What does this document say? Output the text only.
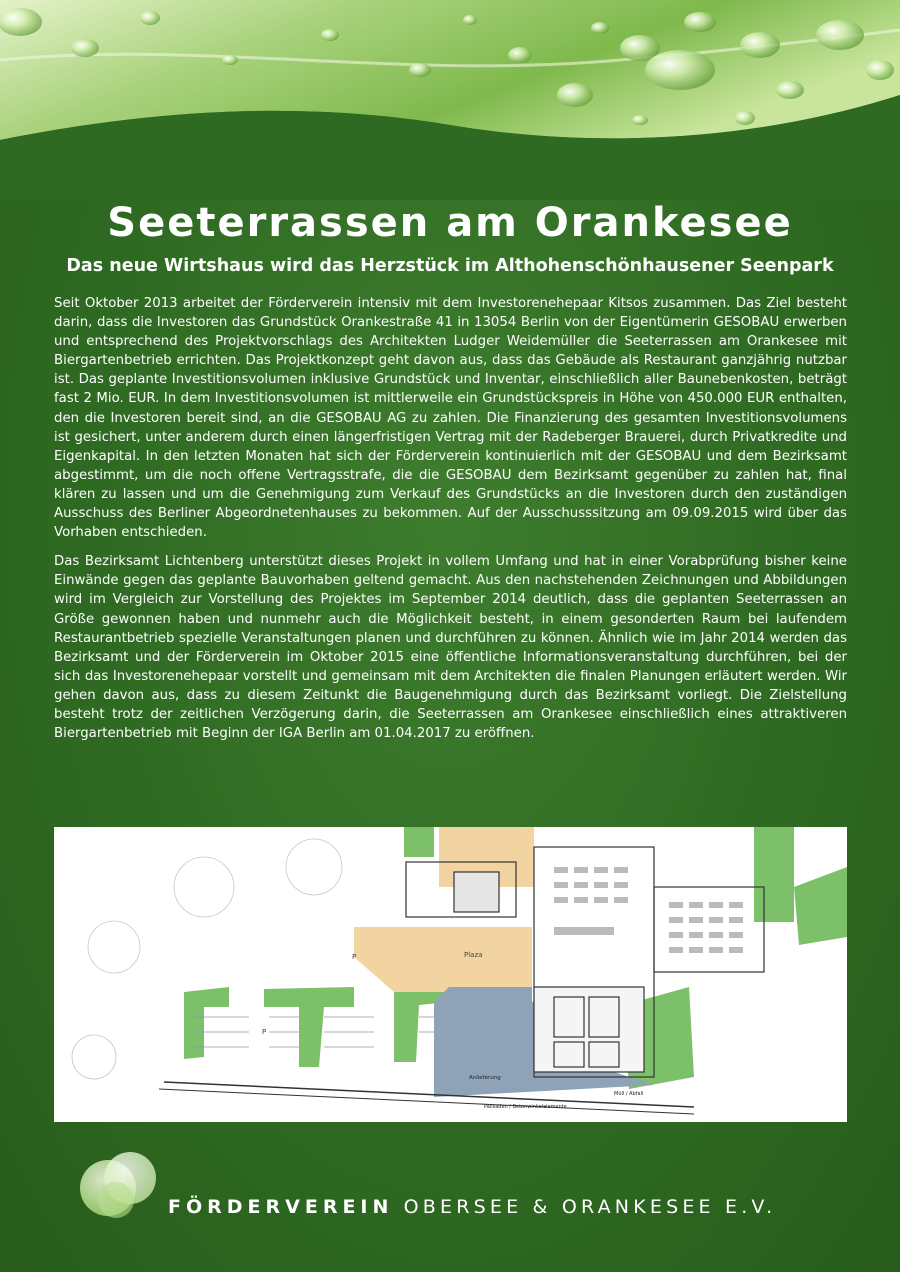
Seeterrassen am Orankesee
Das neue Wirtshaus wird das Herzstück im Althohenschönhausener Seenpark

Seit Oktober 2013 arbeitet der Förderverein intensiv mit dem Investorenehepaar Kitsos zusammen. Das Ziel besteht darin, dass die Investoren das Grundstück Orankestraße 41 in 13054 Berlin von der Eigentümerin GESOBAU erwerben und entsprechend des Projektvorschlags des Architekten Ludger Weidemüller die Seeterrassen am Orankesee mit Biergartenbetrieb errichten. Das Projektkonzept geht davon aus, dass das Gebäude als Restaurant ganzjährig nutzbar ist. Das geplante Investitionsvolumen inklusive Grundstück und Inventar, einschließlich aller Baunebenkosten, beträgt fast 2 Mio. EUR. In dem Investitionsvolumen ist mittlerweile ein Grundstückspreis in Höhe von 450.000 EUR enthalten, den die Investoren bereit sind, an die GESOBAU AG zu zahlen. Die Finanzierung des gesamten Investitionsvolumens ist gesichert, unter anderem durch einen längerfristigen Vertrag mit der Radeberger Brauerei, durch Privatkredite und Eigenkapital. In den letzten Monaten hat sich der Förderverein kontinuierlich mit der GESOBAU und dem Bezirksamt abgestimmt, um die noch offene Vertragsstrafe, die die GESOBAU dem Bezirksamt gegenüber zu zahlen hat, final klären zu lassen und um die Genehmigung zum Verkauf des Grundstücks an die Investoren durch den zuständigen Ausschuss des Berliner Abgeordnetenhauses zu bekommen. Auf der Ausschusssitzung am 09.09.2015 wird über das Vorhaben entschieden.

Das Bezirksamt Lichtenberg unterstützt dieses Projekt in vollem Umfang und hat in einer Vorabprüfung bisher keine Einwände gegen das geplante Bauvorhaben geltend gemacht. Aus den nachstehenden Zeichnungen und Abbildungen wird im Vergleich zur Vorstellung des Projektes im September 2014 deutlich, dass die geplanten Seeterrassen an Größe gewonnen haben und nunmehr auch die Möglichkeit besteht, in einem gesonderten Raum bei laufendem Restaurantbetrieb spezielle Veranstaltungen planen und durchführen zu können. Ähnlich wie im Jahr 2014 werden das Bezirksamt und der Förderverein im Oktober 2015 eine öffentliche Informationsveranstaltung durchführen, bei der sich das Investorenehepaar vorstellt und gemeinsam mit dem Architekten die finalen Planungen erläutert werden. Wir gehen davon aus, dass zu diesem Zeitunkt die Baugenehmigung durch das Bezirksamt vorliegt. Die Zielstellung besteht trotz der zeitlichen Verzögerung darin, die Seeterrassen am Orankesee einschließlich eines attraktiveren Biergartenbetrieb mit Beginn der IGA Berlin am 01.04.2017 zu eröffnen.

Plaza
P
P
Anlieferung
Palisaden / Betonwinkelelemente
Müll / Abfall
FÖRDERVEREIN OBERSEE & ORANKESEE E.V.
